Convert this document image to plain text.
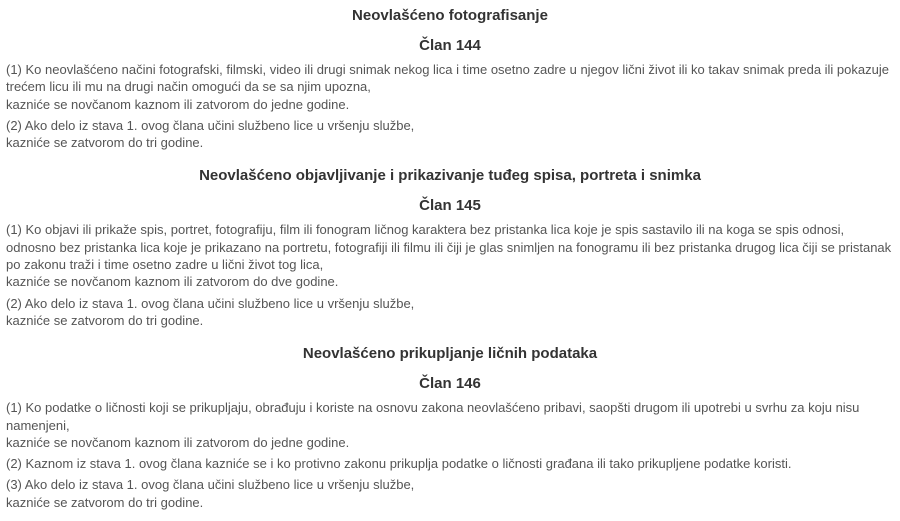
Neovlašćeno fotografisanje
Član 144

(1) Ko neovlašćeno načini fotografski, filmski, video ili drugi snimak nekog lica i time osetno zadre u njegov lični život ili ko takav snimak preda ili pokazuje trećem licu ili mu na drugi način omogući da se sa njim upozna,
kazniće se novčanom kaznom ili zatvorom do jedne godine.

(2) Ako delo iz stava 1. ovog člana učini službeno lice u vršenju službe,
kazniće se zatvorom do tri godine.

Neovlašćeno objavljivanje i prikazivanje tuđeg spisa, portreta i snimka
Član 145

(1) Ko objavi ili prikaže spis, portret, fotografiju, film ili fonogram ličnog karaktera bez pristanka lica koje je spis sastavilo ili na koga se spis odnosi, odnosno bez pristanka lica koje je prikazano na portretu, fotografiji ili filmu ili čiji je glas snimljen na fonogramu ili bez pristanka drugog lica čiji se pristanak po zakonu traži i time osetno zadre u lični život tog lica,
kazniće se novčanom kaznom ili zatvorom do dve godine.

(2) Ako delo iz stava 1. ovog člana učini službeno lice u vršenju službe,
kazniće se zatvorom do tri godine.

Neovlašćeno prikupljanje ličnih podataka
Član 146

(1) Ko podatke o ličnosti koji se prikupljaju, obrađuju i koriste na osnovu zakona neovlašćeno pribavi, saopšti drugom ili upotrebi u svrhu za koju nisu namenjeni,
kazniće se novčanom kaznom ili zatvorom do jedne godine.

(2) Kaznom iz stava 1. ovog člana kazniće se i ko protivno zakonu prikuplja podatke o ličnosti građana ili tako prikupljene podatke koristi.

(3) Ako delo iz stava 1. ovog člana učini službeno lice u vršenju službe,
kazniće se zatvorom do tri godine.
